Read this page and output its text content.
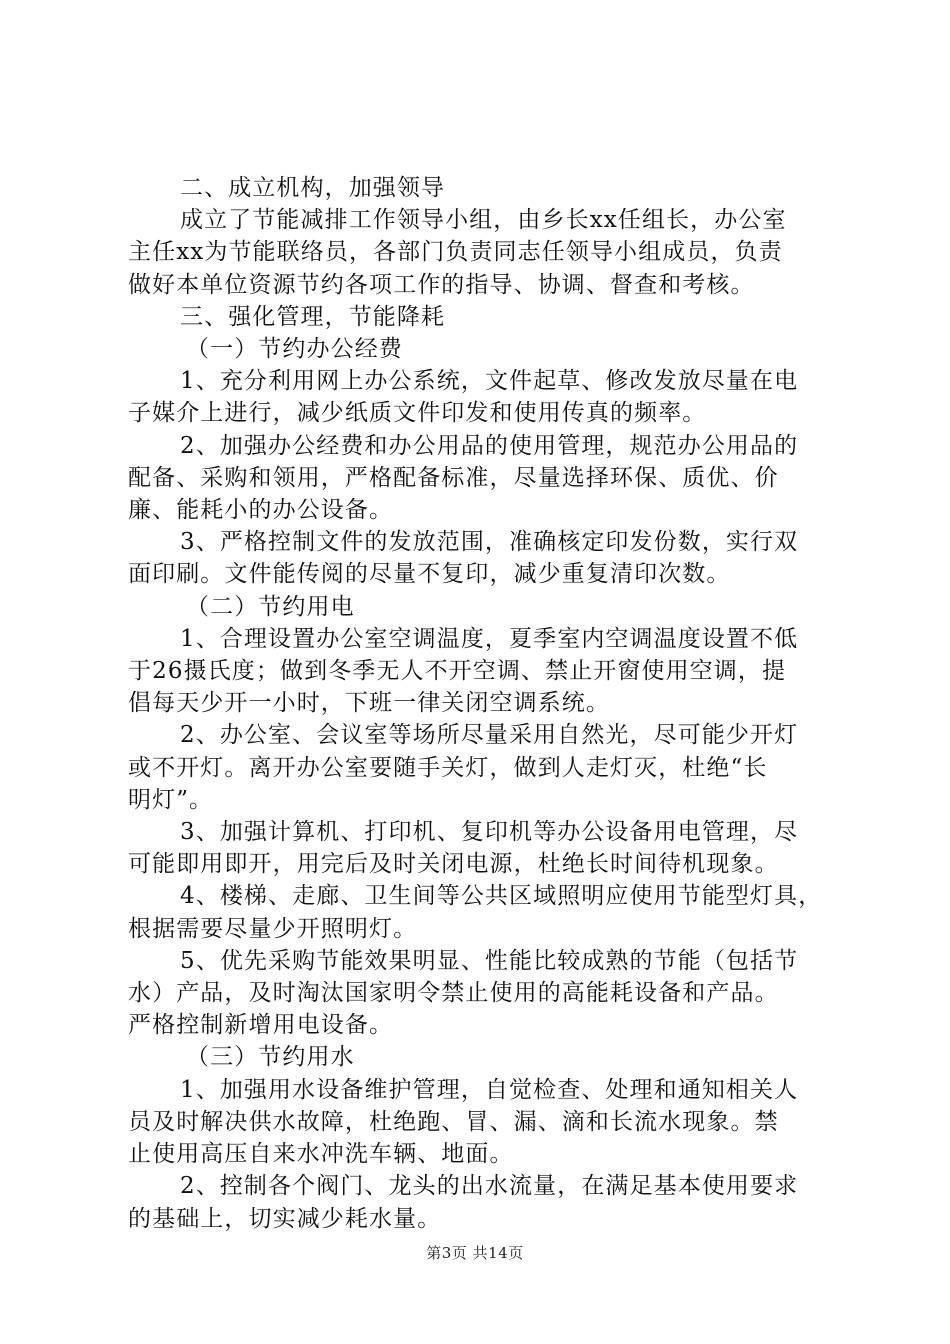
二、成立机构，加强领导

成立了节能减排工作领导小组，由乡长xx任组长，办公室

主任xx为节能联络员，各部门负责同志任领导小组成员，负责

做好本单位资源节约各项工作的指导、协调、督查和考核。

三、强化管理，节能降耗

（一）节约办公经费

1、充分利用网上办公系统，文件起草、修改发放尽量在电

子媒介上进行，减少纸质文件印发和使用传真的频率。

2、加强办公经费和办公用品的使用管理，规范办公用品的

配备、采购和领用，严格配备标准，尽量选择环保、质优、价

廉、能耗小的办公设备。

3、严格控制文件的发放范围，准确核定印发份数，实行双

面印刷。文件能传阅的尽量不复印，减少重复清印次数。

（二）节约用电

1、合理设置办公室空调温度，夏季室内空调温度设置不低

于26摄氏度；做到冬季无人不开空调、禁止开窗使用空调，提

倡每天少开一小时，下班一律关闭空调系统。

2、办公室、会议室等场所尽量采用自然光，尽可能少开灯

或不开灯。离开办公室要随手关灯，做到人走灯灭，杜绝“长

明灯”。

3、加强计算机、打印机、复印机等办公设备用电管理，尽

可能即用即开，用完后及时关闭电源，杜绝长时间待机现象。

4、楼梯、走廊、卫生间等公共区域照明应使用节能型灯具，

根据需要尽量少开照明灯。

5、优先采购节能效果明显、性能比较成熟的节能（包括节

水）产品，及时淘汰国家明令禁止使用的高能耗设备和产品。

严格控制新增用电设备。

（三）节约用水

1、加强用水设备维护管理，自觉检查、处理和通知相关人

员及时解决供水故障，杜绝跑、冒、漏、滴和长流水现象。禁

止使用高压自来水冲洗车辆、地面。

2、控制各个阀门、龙头的出水流量，在满足基本使用要求

的基础上，切实减少耗水量。

第3页 共14页
